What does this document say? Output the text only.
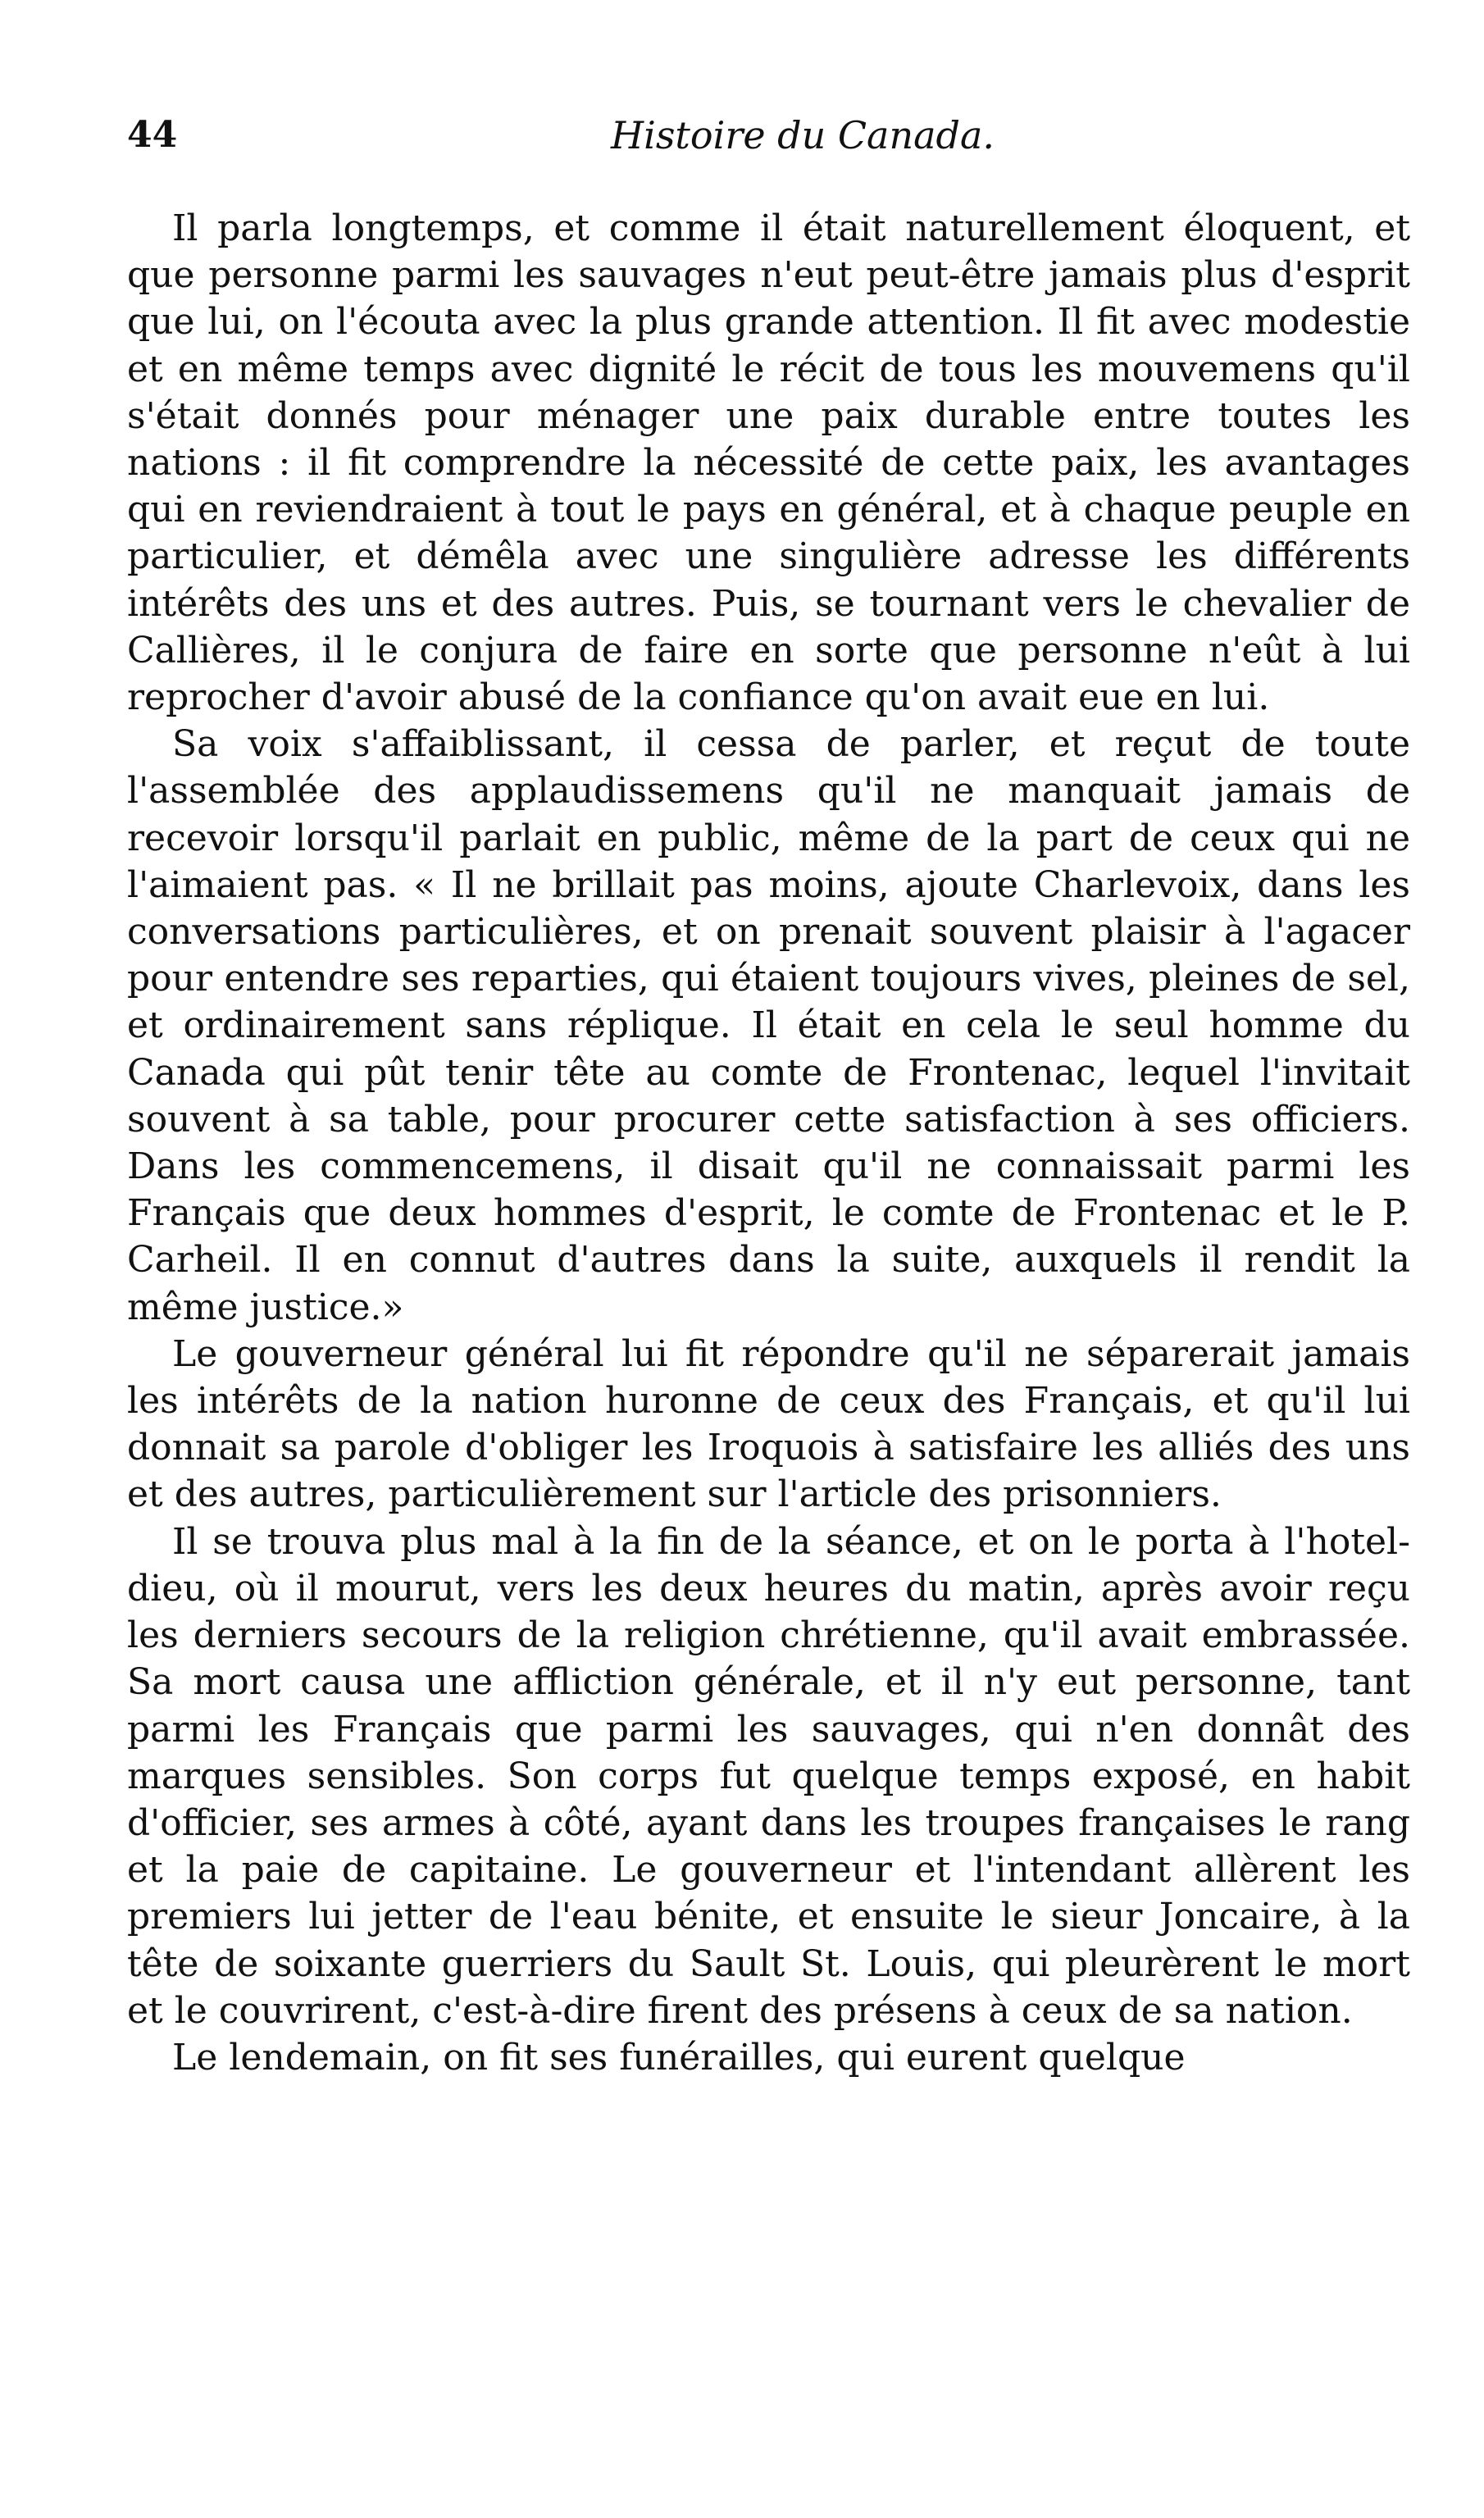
44	Histoire du Canada.

Il parla longtemps, et comme il était naturellement éloquent, et que personne parmi les sauvages n'eut peut-être jamais plus d'esprit que lui, on l'écouta avec la plus grande attention. Il fit avec modestie et en même temps avec dignité le récit de tous les mouvemens qu'il s'était donnés pour ménager une paix durable entre toutes les nations : il fit comprendre la nécessité de cette paix, les avantages qui en reviendraient à tout le pays en général, et à chaque peuple en particulier, et démêla avec une singulière adresse les différents intérêts des uns et des autres. Puis, se tournant vers le chevalier de Callières, il le conjura de faire en sorte que personne n'eût à lui reprocher d'avoir abusé de la confiance qu'on avait eue en lui.

Sa voix s'affaiblissant, il cessa de parler, et reçut de toute l'assemblée des applaudissemens qu'il ne manquait jamais de recevoir lorsqu'il parlait en public, même de la part de ceux qui ne l'aimaient pas. « Il ne brillait pas moins, ajoute Charlevoix, dans les conversations particulières, et on prenait souvent plaisir à l'agacer pour entendre ses reparties, qui étaient toujours vives, pleines de sel, et ordinairement sans réplique. Il était en cela le seul homme du Canada qui pût tenir tête au comte de Frontenac, lequel l'invitait souvent à sa table, pour procurer cette satisfaction à ses officiers. Dans les commencemens, il disait qu'il ne connaissait parmi les Français que deux hommes d'esprit, le comte de Frontenac et le P. Carheil. Il en connut d'autres dans la suite, auxquels il rendit la même justice.»

Le gouverneur général lui fit répondre qu'il ne séparerait jamais les intérêts de la nation huronne de ceux des Français, et qu'il lui donnait sa parole d'obliger les Iroquois à satisfaire les alliés des uns et des autres, particulièrement sur l'article des prisonniers.

Il se trouva plus mal à la fin de la séance, et on le porta à l'hotel-dieu, où il mourut, vers les deux heures du matin, après avoir reçu les derniers secours de la religion chrétienne, qu'il avait embrassée. Sa mort causa une affliction générale, et il n'y eut personne, tant parmi les Français que parmi les sauvages, qui n'en donnât des marques sensibles. Son corps fut quelque temps exposé, en habit d'officier, ses armes à côté, ayant dans les troupes françaises le rang et la paie de capitaine. Le gouverneur et l'intendant allèrent les premiers lui jetter de l'eau bénite, et ensuite le sieur Joncaire, à la tête de soixante guerriers du Sault St. Louis, qui pleurèrent le mort et le couvrirent, c'est-à-dire firent des présens à ceux de sa nation.

Le lendemain, on fit ses funérailles, qui eurent quelque
